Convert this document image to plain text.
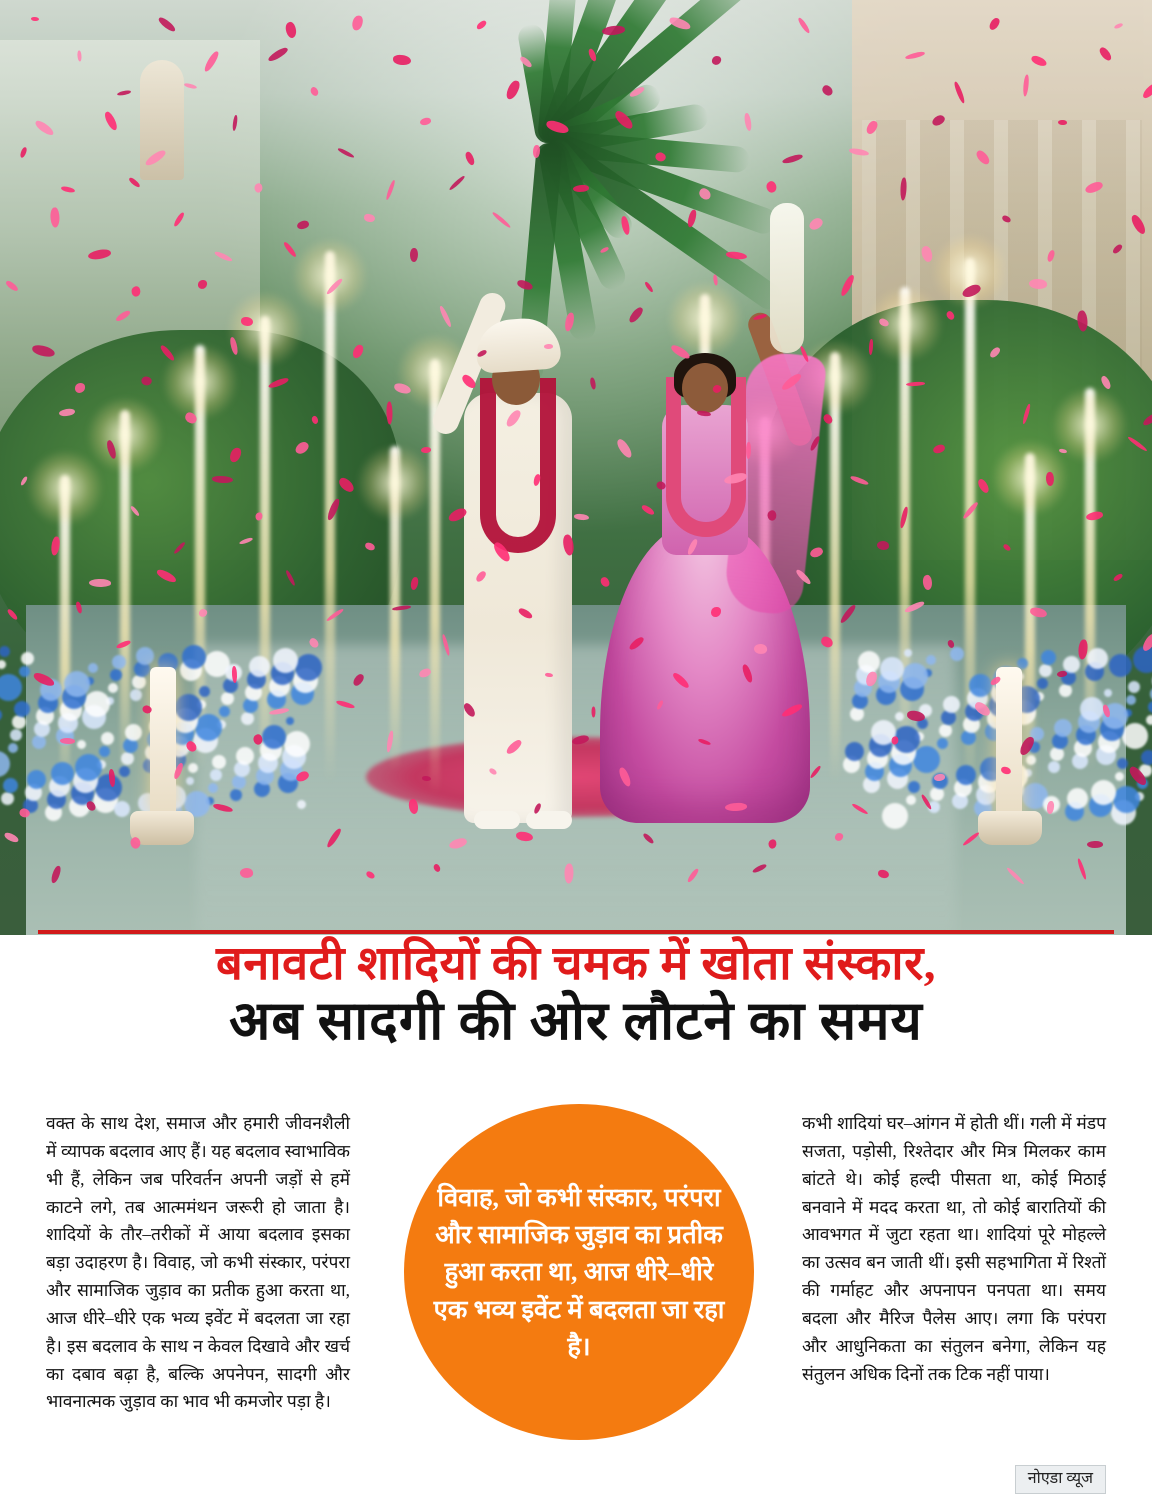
बनावटी शादियों की चमक में खोता संस्कार,
अब सादगी की ओर लौटने का समय
वक्त के साथ देश, समाज और हमारी जीवनशैली में व्यापक बदलाव आए हैं। यह बदलाव स्वाभाविक भी हैं, लेकिन जब परिवर्तन अपनी जड़ों से हमें काटने लगे, तब आत्ममंथन जरूरी हो जाता है। शादियों के तौर–तरीकों में आया बदलाव इसका बड़ा उदाहरण है। विवाह, जो कभी संस्कार, परंपरा और सामाजिक जुड़ाव का प्रतीक हुआ करता था, आज धीरे–धीरे एक भव्य इवेंट में बदलता जा रहा है। इस बदलाव के साथ न केवल दिखावे और खर्च का दबाव बढ़ा है, बल्कि अपनेपन, सादगी और भावनात्मक जुड़ाव का भाव भी कमजोर पड़ा है।
कभी शादियां घर–आंगन में होती थीं। गली में मंडप सजता, पड़ोसी, रिश्तेदार और मित्र मिलकर काम बांटते थे। कोई हल्दी पीसता था, कोई मिठाई बनवाने में मदद करता था, तो कोई बारातियों की आवभगत में जुटा रहता था। शादियां पूरे मोहल्ले का उत्सव बन जाती थीं। इसी सहभागिता में रिश्तों की गर्माहट और अपनापन पनपता था। समय बदला और मैरिज पैलेस आए। लगा कि परंपरा और आधुनिकता का संतुलन बनेगा, लेकिन यह संतुलन अधिक दिनों तक टिक नहीं पाया।

विवाह, जो कभी संस्कार, परंपरा और सामाजिक जुड़ाव का प्रतीक हुआ करता था, आज धीरे–धीरे एक भव्य इवेंट में बदलता जा रहा है।

नोएडा व्यूज
